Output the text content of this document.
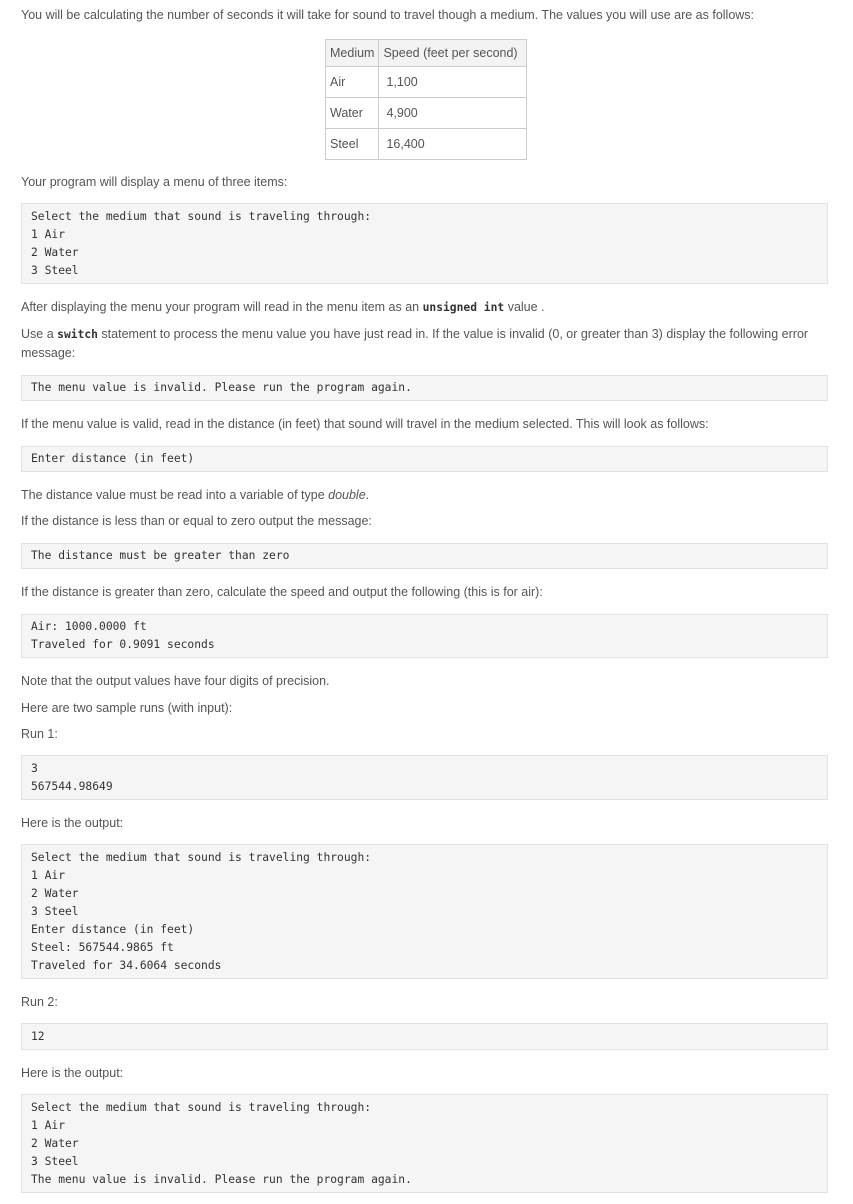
You will be calculating the number of seconds it will take for sound to travel though a medium. The values you will use are as follows:

Medium	Speed (feet per second)
Air	1,100
Water	4,900
Steel	16,400

Your program will display a menu of three items:

Select the medium that sound is traveling through:
1 Air
2 Water
3 Steel

After displaying the menu your program will read in the menu item as an unsigned int value .

Use a switch statement to process the menu value you have just read in. If the value is invalid (0, or greater than 3) display the following error message:

The menu value is invalid. Please run the program again.

If the menu value is valid, read in the distance (in feet) that sound will travel in the medium selected. This will look as follows:

Enter distance (in feet)

The distance value must be read into a variable of type double.

If the distance is less than or equal to zero output the message:

The distance must be greater than zero

If the distance is greater than zero, calculate the speed and output the following (this is for air):

Air: 1000.0000 ft
Traveled for 0.9091 seconds

Note that the output values have four digits of precision.

Here are two sample runs (with input):

Run 1:

3
567544.98649

Here is the output:

Select the medium that sound is traveling through:
1 Air
2 Water
3 Steel
Enter distance (in feet)
Steel: 567544.9865 ft
Traveled for 34.6064 seconds

Run 2:

12

Here is the output:

Select the medium that sound is traveling through:
1 Air
2 Water
3 Steel
The menu value is invalid. Please run the program again.
